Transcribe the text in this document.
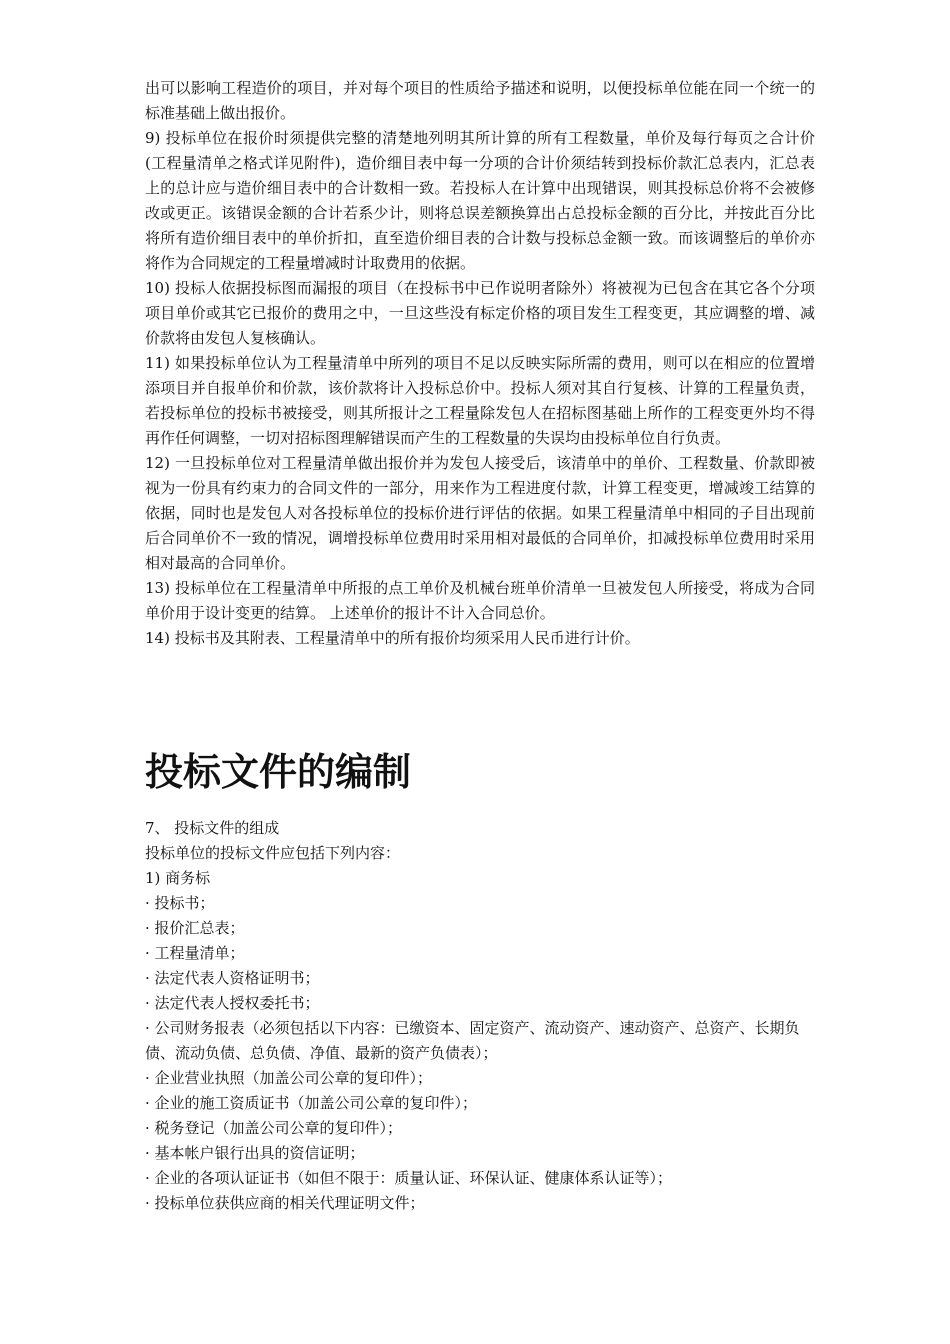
出可以影响工程造价的项目，并对每个项目的性质给予描述和说明，以便投标单位能在同一个统一的标准基础上做出报价。

9) 投标单位在报价时须提供完整的清楚地列明其所计算的所有工程数量，单价及每行每页之合计价(工程量清单之格式详见附件)，造价细目表中每一分项的合计价须结转到投标价款汇总表内，汇总表上的总计应与造价细目表中的合计数相一致。若投标人在计算中出现错误，则其投标总价将不会被修改或更正。该错误金额的合计若系少计，则将总误差额换算出占总投标金额的百分比，并按此百分比将所有造价细目表中的单价折扣，直至造价细目表的合计数与投标总金额一致。而该调整后的单价亦将作为合同规定的工程量增减时计取费用的依据。

10) 投标人依据投标图而漏报的项目（在投标书中已作说明者除外）将被视为已包含在其它各个分项项目单价或其它已报价的费用之中，一旦这些没有标定价格的项目发生工程变更，其应调整的增、减价款将由发包人复核确认。

11) 如果投标单位认为工程量清单中所列的项目不足以反映实际所需的费用，则可以在相应的位置增添项目并自报单价和价款，该价款将计入投标总价中。投标人须对其自行复核、计算的工程量负责，若投标单位的投标书被接受，则其所报计之工程量除发包人在招标图基础上所作的工程变更外均不得再作任何调整，一切对招标图理解错误而产生的工程数量的失误均由投标单位自行负责。

12) 一旦投标单位对工程量清单做出报价并为发包人接受后，该清单中的单价、工程数量、价款即被视为一份具有约束力的合同文件的一部分，用来作为工程进度付款，计算工程变更，增减竣工结算的依据，同时也是发包人对各投标单位的投标价进行评估的依据。如果工程量清单中相同的子目出现前后合同单价不一致的情况，调增投标单位费用时采用相对最低的合同单价，扣减投标单位费用时采用相对最高的合同单价。

13) 投标单位在工程量清单中所报的点工单价及机械台班单价清单一旦被发包人所接受，将成为合同单价用于设计变更的结算。 上述单价的报计不计入合同总价。

14) 投标书及其附表、工程量清单中的所有报价均须采用人民币进行计价。

投标文件的编制

7、 投标文件的组成

投标单位的投标文件应包括下列内容：

1) 商务标

· 投标书；

· 报价汇总表；

· 工程量清单；

· 法定代表人资格证明书；

· 法定代表人授权委托书；

· 公司财务报表（必须包括以下内容：已缴资本、固定资产、流动资产、速动资产、总资产、长期负债、流动负债、总负债、净值、最新的资产负债表）；

· 企业营业执照（加盖公司公章的复印件）；

· 企业的施工资质证书（加盖公司公章的复印件）；

· 税务登记（加盖公司公章的复印件）；

· 基本帐户银行出具的资信证明；

· 企业的各项认证证书（如但不限于：质量认证、环保认证、健康体系认证等）；

· 投标单位获供应商的相关代理证明文件；
